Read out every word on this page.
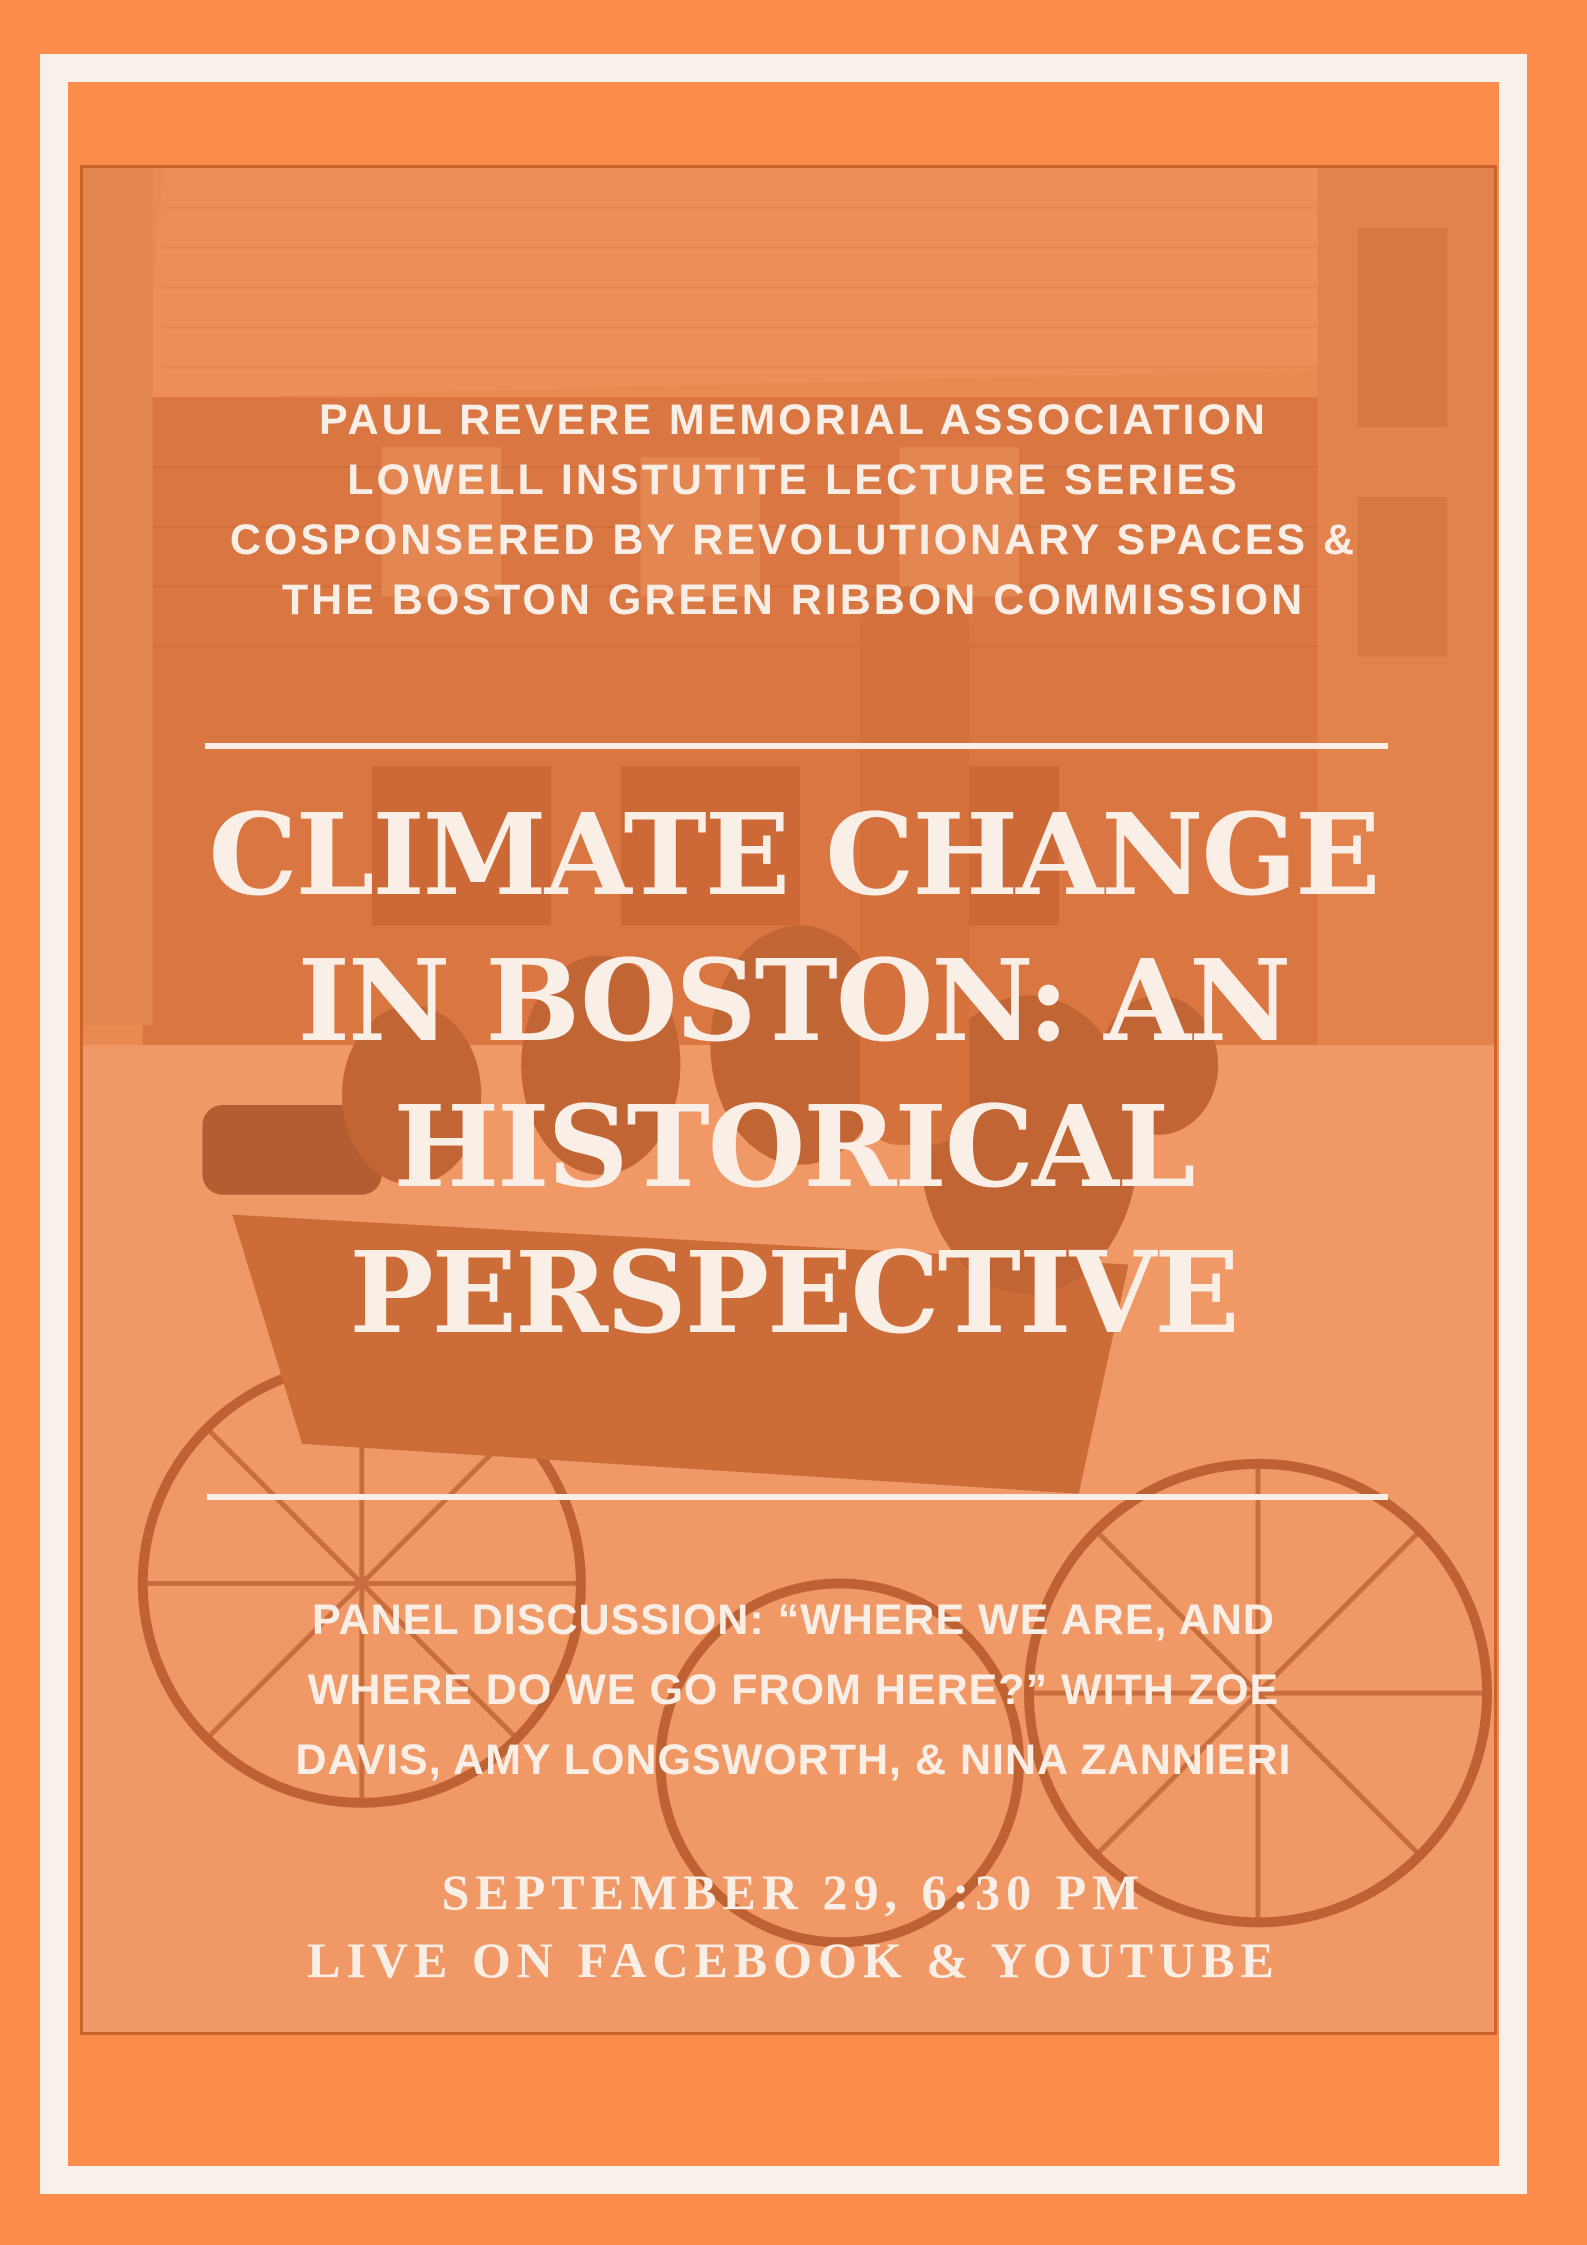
PAUL REVERE MEMORIAL ASSOCIATION
LOWELL INSTUTITE LECTURE SERIES
COSPONSERED BY REVOLUTIONARY SPACES &
THE BOSTON GREEN RIBBON COMMISSION
CLIMATE CHANGE
IN BOSTON: AN
HISTORICAL
PERSPECTIVE
PANEL DISCUSSION: “WHERE WE ARE, AND
WHERE DO WE GO FROM HERE?” WITH ZOE
DAVIS, AMY LONGSWORTH, & NINA ZANNIERI
SEPTEMBER 29, 6:30 PM
LIVE ON FACEBOOK & YOUTUBE
